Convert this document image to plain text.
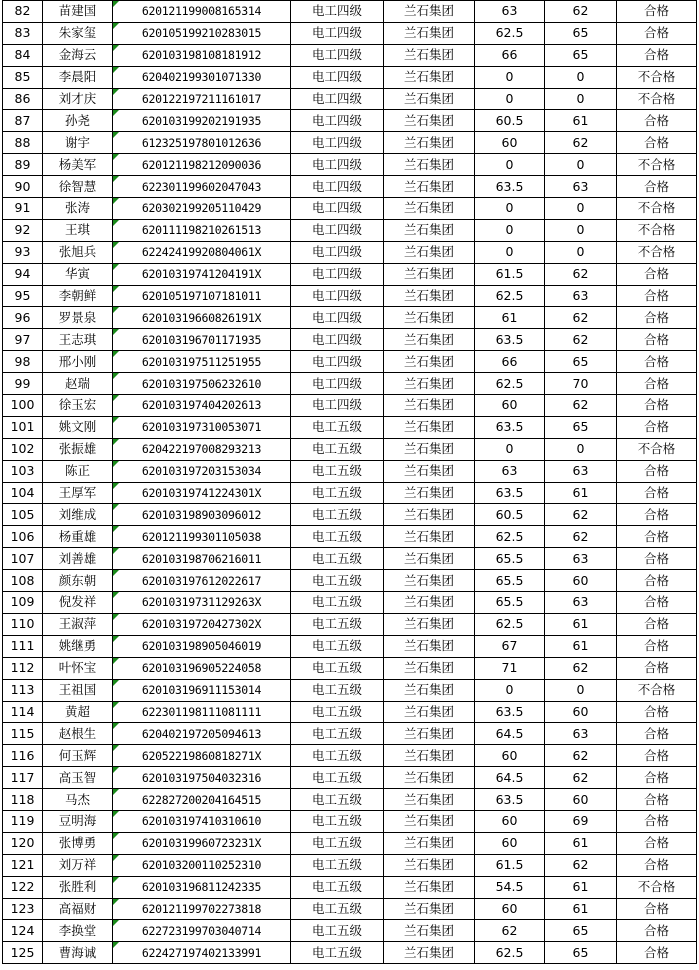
82	苗建国	620121199008165314	电工四级	兰石集团	63	62	合格
83	朱家玺	620105199210283015	电工四级	兰石集团	62.5	65	合格
84	金海云	620103198108181912	电工四级	兰石集团	66	65	合格
85	李晨阳	620402199301071330	电工四级	兰石集团	0	0	不合格
86	刘才庆	620122197211161017	电工四级	兰石集团	0	0	不合格
87	孙尧	620103199202191935	电工四级	兰石集团	60.5	61	合格
88	谢宇	612325197801012636	电工四级	兰石集团	60	62	合格
89	杨美军	620121198212090036	电工四级	兰石集团	0	0	不合格
90	徐智慧	622301199602047043	电工四级	兰石集团	63.5	63	合格
91	张涛	620302199205110429	电工四级	兰石集团	0	0	不合格
92	王琪	620111198210261513	电工四级	兰石集团	0	0	不合格
93	张旭兵	62242419920804061X	电工四级	兰石集团	0	0	不合格
94	华寅	62010319741204191X	电工四级	兰石集团	61.5	62	合格
95	李朝鲜	620105197107181011	电工四级	兰石集团	62.5	63	合格
96	罗景泉	62010319660826191X	电工四级	兰石集团	61	62	合格
97	王志琪	620103196701171935	电工四级	兰石集团	63.5	62	合格
98	邢小刚	620103197511251955	电工四级	兰石集团	66	65	合格
99	赵瑞	620103197506232610	电工四级	兰石集团	62.5	70	合格
100	徐玉宏	620103197404202613	电工四级	兰石集团	60	62	合格
101	姚文刚	620103197310053071	电工五级	兰石集团	63.5	65	合格
102	张振雄	620422197008293213	电工五级	兰石集团	0	0	不合格
103	陈正	620103197203153034	电工五级	兰石集团	63	63	合格
104	王厚军	62010319741224301X	电工五级	兰石集团	63.5	61	合格
105	刘维成	620103198903096012	电工五级	兰石集团	60.5	62	合格
106	杨重雄	620121199301105038	电工五级	兰石集团	62.5	62	合格
107	刘善雄	620103198706216011	电工五级	兰石集团	65.5	63	合格
108	颜东朝	620103197612022617	电工五级	兰石集团	65.5	60	合格
109	倪发祥	62010319731129263X	电工五级	兰石集团	65.5	63	合格
110	王淑萍	62010319720427302X	电工五级	兰石集团	62.5	61	合格
111	姚继勇	620103198905046019	电工五级	兰石集团	67	61	合格
112	叶怀宝	620103196905224058	电工五级	兰石集团	71	62	合格
113	王祖国	620103196911153014	电工五级	兰石集团	0	0	不合格
114	黄超	622301198111081111	电工五级	兰石集团	63.5	60	合格
115	赵根生	620402197205094613	电工五级	兰石集团	64.5	63	合格
116	何玉辉	62052219860818271X	电工五级	兰石集团	60	62	合格
117	高玉智	620103197504032316	电工五级	兰石集团	64.5	62	合格
118	马杰	622827200204164515	电工五级	兰石集团	63.5	60	合格
119	豆明海	620103197410310610	电工五级	兰石集团	60	69	合格
120	张博勇	62010319960723231X	电工五级	兰石集团	60	61	合格
121	刘万祥	620103200110252310	电工五级	兰石集团	61.5	62	合格
122	张胜利	620103196811242335	电工五级	兰石集团	54.5	61	不合格
123	高福财	620121199702273818	电工五级	兰石集团	60	61	合格
124	李换堂	622723199703040714	电工五级	兰石集团	62	65	合格
125	曹海诚	622427197402133991	电工五级	兰石集团	62.5	65	合格
